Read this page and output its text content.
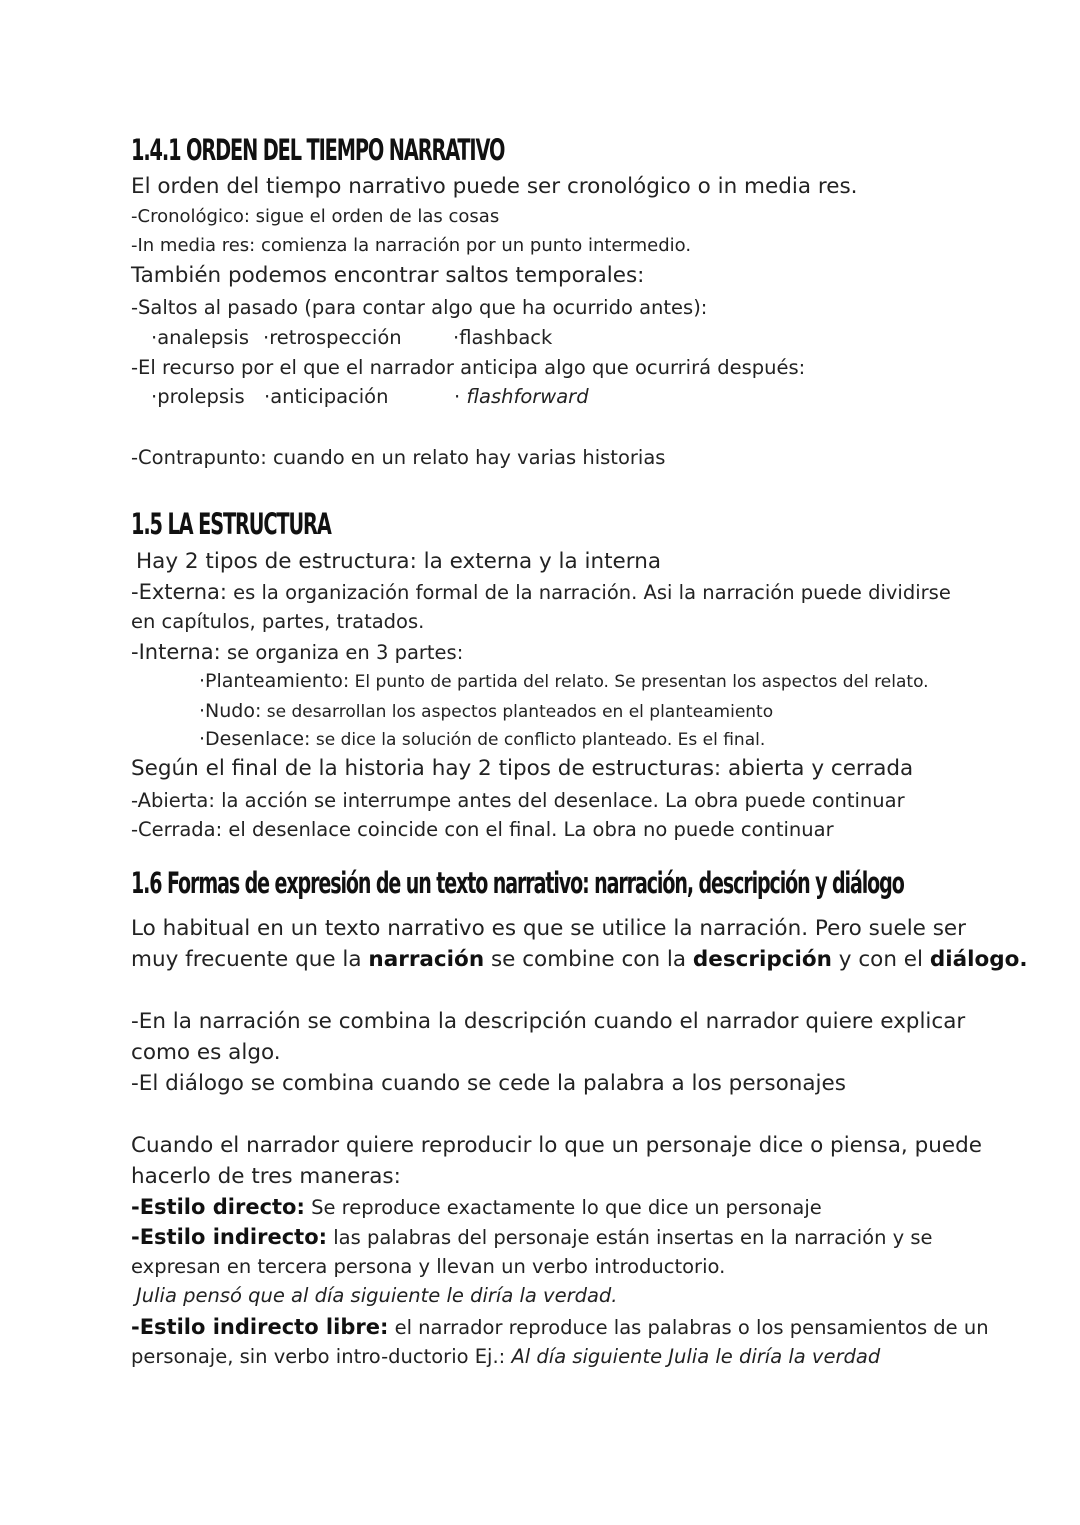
1.4.1 ORDEN DEL TIEMPO NARRATIVO

El orden del tiempo narrativo puede ser cronológico o in media res.

-Cronológico: sigue el orden de las cosas

-In media res: comienza la narración por un punto intermedio.

También podemos encontrar saltos temporales:

-Saltos al pasado (para contar algo que ha ocurrido antes):

·analepsis ·retrospección	·flashback

-El recurso por el que el narrador anticipa algo que ocurrirá después:

·prolepsis ·anticipación	· flashforward

-Contrapunto: cuando en un relato hay varias historias

1.5 LA ESTRUCTURA

Hay 2 tipos de estructura: la externa y la interna

-Externa: es la organización formal de la narración. Asi la narración puede dividirse

en capítulos, partes, tratados.

-Interna: se organiza en 3 partes:

·Planteamiento: El punto de partida del relato. Se presentan los aspectos del relato.

·Nudo: se desarrollan los aspectos planteados en el planteamiento

·Desenlace: se dice la solución de conflicto planteado. Es el final.

Según el final de la historia hay 2 tipos de estructuras: abierta y cerrada

-Abierta: la acción se interrumpe antes del desenlace. La obra puede continuar

-Cerrada: el desenlace coincide con el final. La obra no puede continuar

1.6 Formas de expresión de un texto narrativo: narración, descripción y diálogo

Lo habitual en un texto narrativo es que se utilice la narración. Pero suele ser

muy frecuente que la narración se combine con la descripción y con el diálogo.

-En la narración se combina la descripción cuando el narrador quiere explicar

como es algo.

-El diálogo se combina cuando se cede la palabra a los personajes

Cuando el narrador quiere reproducir lo que un personaje dice o piensa, puede

hacerlo de tres maneras:

-Estilo directo: Se reproduce exactamente lo que dice un personaje

-Estilo indirecto: las palabras del personaje están insertas en la narración y se

expresan en tercera persona y llevan un verbo introductorio.

Julia pensó que al día siguiente le diría la verdad.

-Estilo indirecto libre: el narrador reproduce las palabras o los pensamientos de un

personaje, sin verbo intro-ductorio Ej.: Al día siguiente Julia le diría la verdad
